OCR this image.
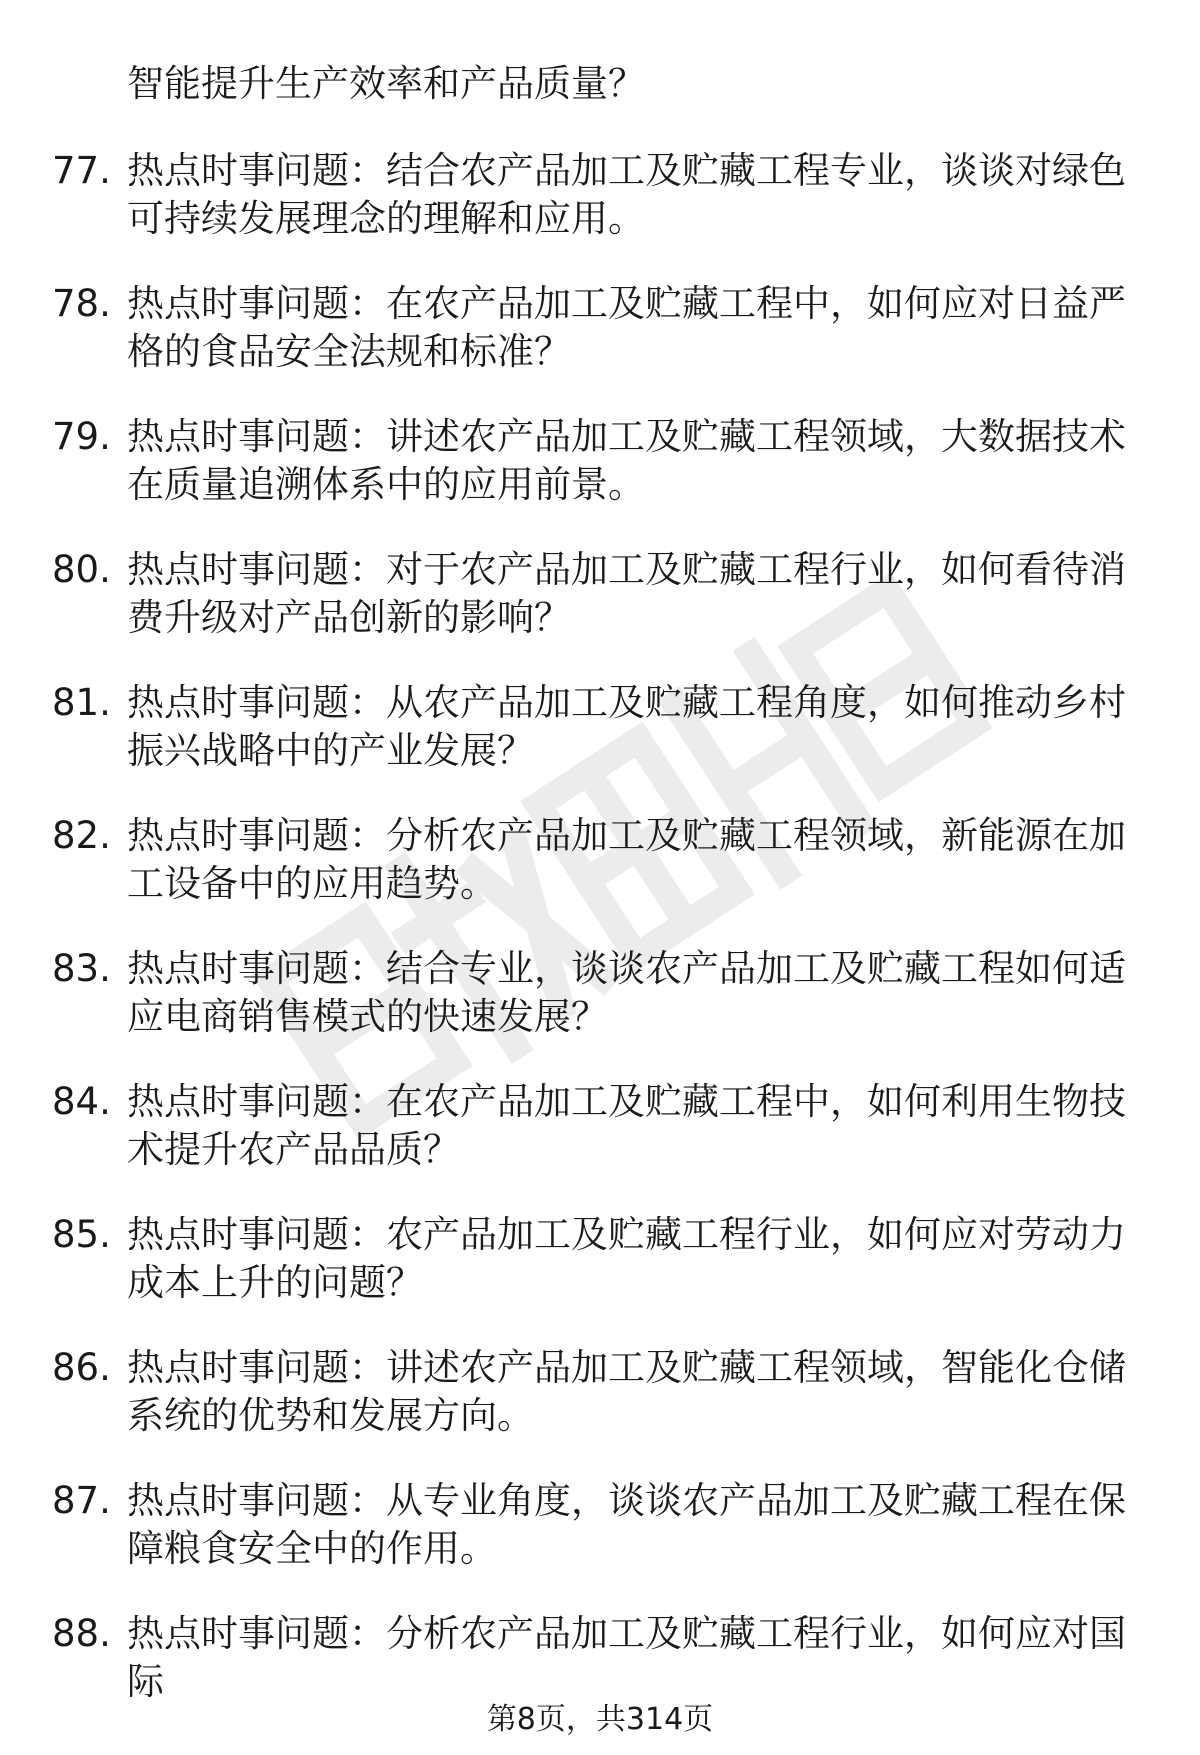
智能提升生产效率和产品质量？
77. 热点时事问题：结合农产品加工及贮藏工程专业，谈谈对绿色可持续发展理念的理解和应用。
78. 热点时事问题：在农产品加工及贮藏工程中，如何应对日益严格的食品安全法规和标准？
79. 热点时事问题：讲述农产品加工及贮藏工程领域，大数据技术在质量追溯体系中的应用前景。
80. 热点时事问题：对于农产品加工及贮藏工程行业，如何看待消费升级对产品创新的影响？
81. 热点时事问题：从农产品加工及贮藏工程角度，如何推动乡村振兴战略中的产业发展？
82. 热点时事问题：分析农产品加工及贮藏工程领域，新能源在加工设备中的应用趋势。
83. 热点时事问题：结合专业，谈谈农产品加工及贮藏工程如何适应电商销售模式的快速发展？
84. 热点时事问题：在农产品加工及贮藏工程中，如何利用生物技术提升农产品品质？
85. 热点时事问题：农产品加工及贮藏工程行业，如何应对劳动力成本上升的问题？
86. 热点时事问题：讲述农产品加工及贮藏工程领域，智能化仓储系统的优势和发展方向。
87. 热点时事问题：从专业角度，谈谈农产品加工及贮藏工程在保障粮食安全中的作用。
88. 热点时事问题：分析农产品加工及贮藏工程行业，如何应对国际
第8页，共314页
